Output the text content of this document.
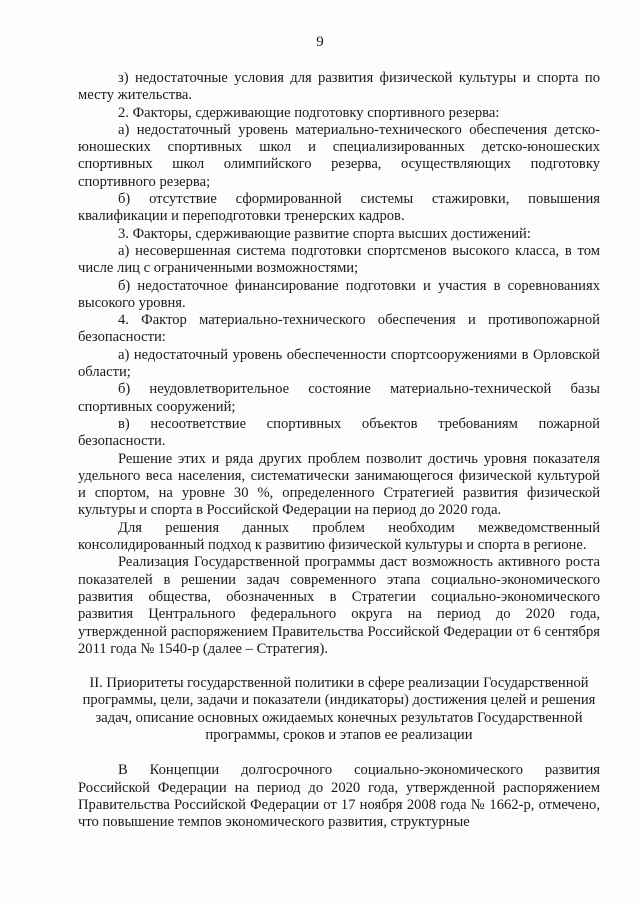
9

з) недостаточные условия для развития физической культуры и спорта по месту жительства.

2. Факторы, сдерживающие подготовку спортивного резерва:

а) недостаточный уровень материально-технического обеспечения детско-юношеских спортивных школ и специализированных детско-юношеских спортивных школ олимпийского резерва, осуществляющих подготовку спортивного резерва;

б) отсутствие сформированной системы стажировки, повышения квалификации и переподготовки тренерских кадров.

3. Факторы, сдерживающие развитие спорта высших достижений:

а) несовершенная система подготовки спортсменов высокого класса, в том числе лиц с ограниченными возможностями;

б) недостаточное финансирование подготовки и участия в соревнованиях высокого уровня.

4. Фактор материально-технического обеспечения и противопожарной безопасности:

а) недостаточный уровень обеспеченности спортсооружениями в Орловской области;

б) неудовлетворительное состояние материально-технической базы спортивных сооружений;

в) несоответствие спортивных объектов требованиям пожарной безопасности.

Решение этих и ряда других проблем позволит достичь уровня показателя удельного веса населения, систематически занимающегося физической культурой и спортом, на уровне 30 %, определенного Стратегией развития физической культуры и спорта в Российской Федерации на период до 2020 года.

Для решения данных проблем необходим межведомственный консолидированный подход к развитию физической культуры и спорта в регионе.

Реализация Государственной программы даст возможность активного роста показателей в решении задач современного этапа социально-экономического развития общества, обозначенных в Стратегии социально-экономического развития Центрального федерального округа на период до 2020 года, утвержденной распоряжением Правительства Российской Федерации от 6 сентября 2011 года № 1540-р (далее – Стратегия).

II. Приоритеты государственной политики в сфере реализации Государственной программы, цели, задачи и показатели (индикаторы) достижения целей и решения задач, описание основных ожидаемых конечных результатов Государственной программы, сроков и этапов ее реализации

В Концепции долгосрочного социально-экономического развития Российской Федерации на период до 2020 года, утвержденной распоряжением Правительства Российской Федерации от 17 ноября 2008 года № 1662-р, отмечено, что повышение темпов экономического развития, структурные
